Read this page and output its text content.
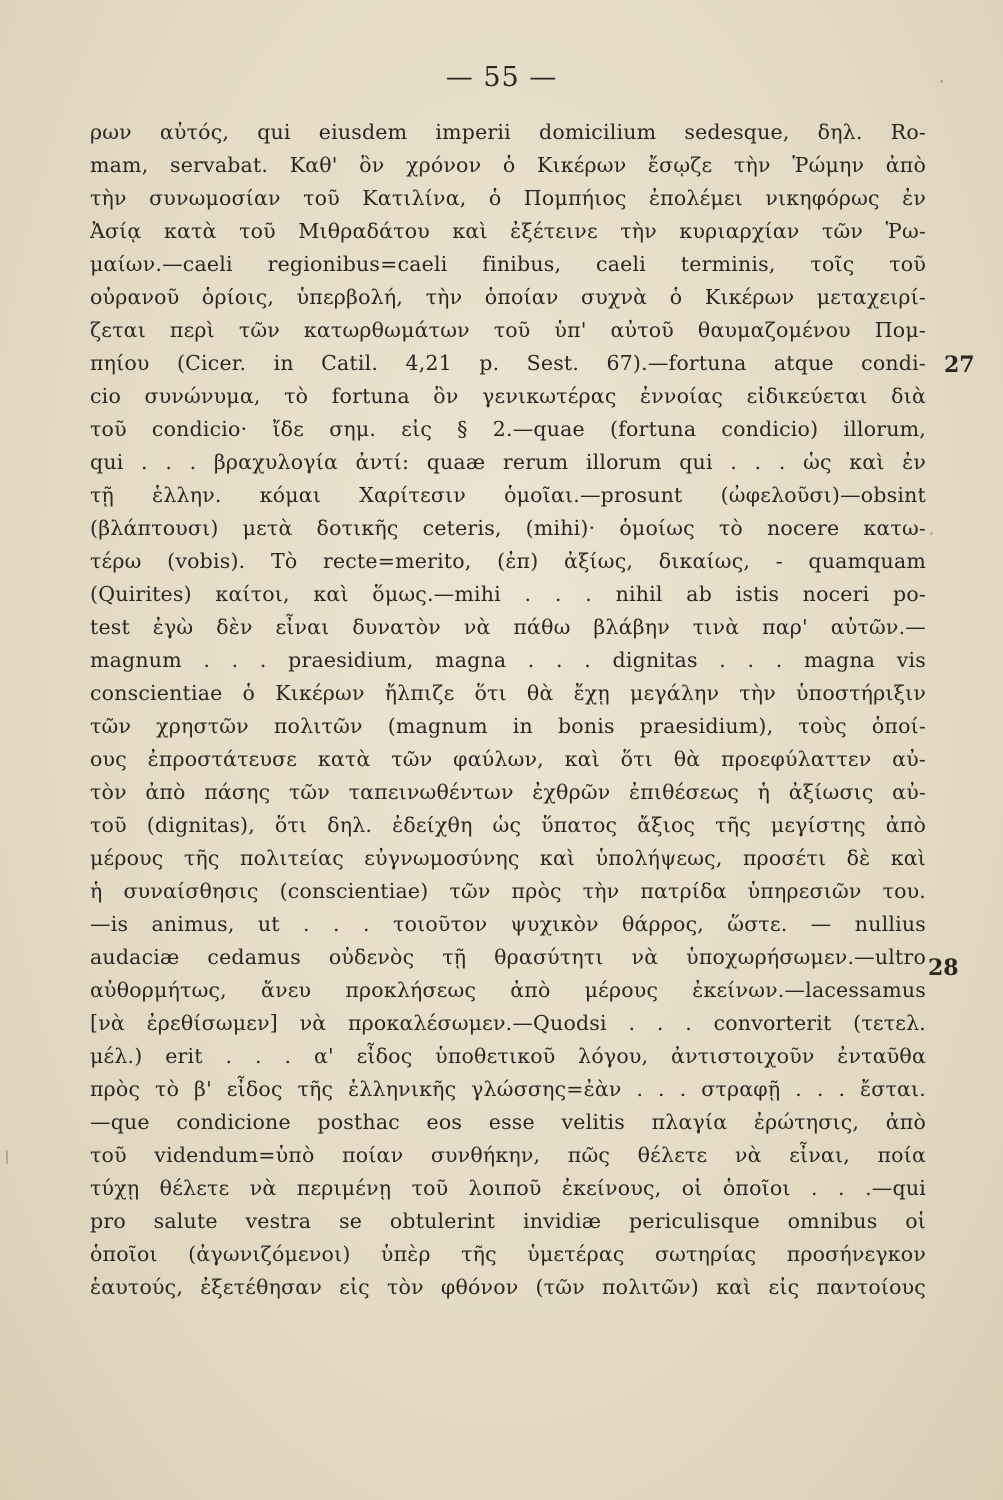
— 55 —
ρων αὐτός, qui eiusdem imperii domicilium sedesque, δηλ. Ro-
mam, servabat. Καθ' ὃν χρόνον ὁ Κικέρων ἔσῳζε τὴν Ῥώμην ἀπὸ
τὴν συνωμοσίαν τοῦ Κατιλίνα, ὁ Πομπήιος ἐπολέμει νικηφόρως ἐν
Ἀσίᾳ κατὰ τοῦ Μιθραδάτου καὶ ἐξέτεινε τὴν κυριαρχίαν τῶν Ῥω-
μαίων.—caeli regionibus=caeli finibus, caeli terminis, τοῖς τοῦ
οὐρανοῦ ὁρίοις, ὑπερβολή, τὴν ὁποίαν συχνὰ ὁ Κικέρων μεταχειρί-
ζεται περὶ τῶν κατωρθωμάτων τοῦ ὑπ' αὐτοῦ θαυμαζομένου Πομ-
πηίου (Cicer. in Catil. 4,21 p. Sest. 67).—fortuna atque condi-
cio συνώνυμα, τὸ fortuna ὃν γενικωτέρας ἐννοίας εἰδικεύεται διὰ
τοῦ condicio· ἴδε σημ. εἰς § 2.—quae (fortuna condicio) illorum,
qui . . . βραχυλογία ἀντί: quaæ rerum illorum qui . . . ὡς καὶ ἐν
τῇ ἑλλην. κόμαι Χαρίτεσιν ὁμοῖαι.—prosunt (ὠφελοῦσι)—obsint
(βλάπτουσι) μετὰ δοτικῆς ceteris, (mihi)· ὁμοίως τὸ nocere κατω-
τέρω (vobis). Τὸ recte=merito, (ἐπ) ἀξίως, δικαίως, - quamquam
(Quirites) καίτοι, καὶ ὅμως.—mihi . . . nihil ab istis noceri po-
test ἐγὼ δὲν εἶναι δυνατὸν νὰ πάθω βλάβην τινὰ παρ' αὐτῶν.—
magnum . . . praesidium, magna . . . dignitas . . . magna vis
conscientiae ὁ Κικέρων ἤλπιζε ὅτι θὰ ἔχῃ μεγάλην τὴν ὑποστήριξιν
τῶν χρηστῶν πολιτῶν (magnum in bonis praesidium), τοὺς ὁποί-
ους ἐπροστάτευσε κατὰ τῶν φαύλων, καὶ ὅτι θὰ προεφύλαττεν αὐ-
τὸν ἀπὸ πάσης τῶν ταπεινωθέντων ἐχθρῶν ἐπιθέσεως ἡ ἀξίωσις αὐ-
τοῦ (dignitas), ὅτι δηλ. ἐδείχθη ὡς ὕπατος ἄξιος τῆς μεγίστης ἀπὸ
μέρους τῆς πολιτείας εὐγνωμοσύνης καὶ ὑπολήψεως, προσέτι δὲ καὶ
ἡ συναίσθησις (conscientiae) τῶν πρὸς τὴν πατρίδα ὑπηρεσιῶν του.
—is animus, ut . . . τοιοῦτον ψυχικὸν θάρρος, ὥστε. — nullius
audaciæ cedamus οὐδενὸς τῇ θρασύτητι νὰ ὑποχωρήσωμεν.—ultro
αὐθορμήτως, ἄνευ προκλήσεως ἀπὸ μέρους ἐκείνων.—lacessamus
[νὰ ἐρεθίσωμεν] νὰ προκαλέσωμεν.—Quodsi . . . convorterit (τετελ.
μέλ.) erit . . . α' εἶδος ὑποθετικοῦ λόγου, ἀντιστοιχοῦν ἐνταῦθα
πρὸς τὸ β' εἶδος τῆς ἑλληνικῆς γλώσσης=ἐὰν . . . στραφῇ . . . ἔσται.
—que condicione posthac eos esse velitis πλαγία ἐρώτησις, ἀπὸ
τοῦ videndum=ὑπὸ ποίαν συνθήκην, πῶς θέλετε νὰ εἶναι, ποία
τύχῃ θέλετε νὰ περιμένῃ τοῦ λοιποῦ ἐκείνους, οἱ ὁποῖοι . . .—qui
pro salute vestra se obtulerint invidiæ periculisque omnibus οἱ
ὁποῖοι (ἀγωνιζόμενοι) ὑπὲρ τῆς ὑμετέρας σωτηρίας προσήνεγκον
ἑαυτούς, ἐξετέθησαν εἰς τὸν φθόνον (τῶν πολιτῶν) καὶ εἰς παντοίους
27
28
